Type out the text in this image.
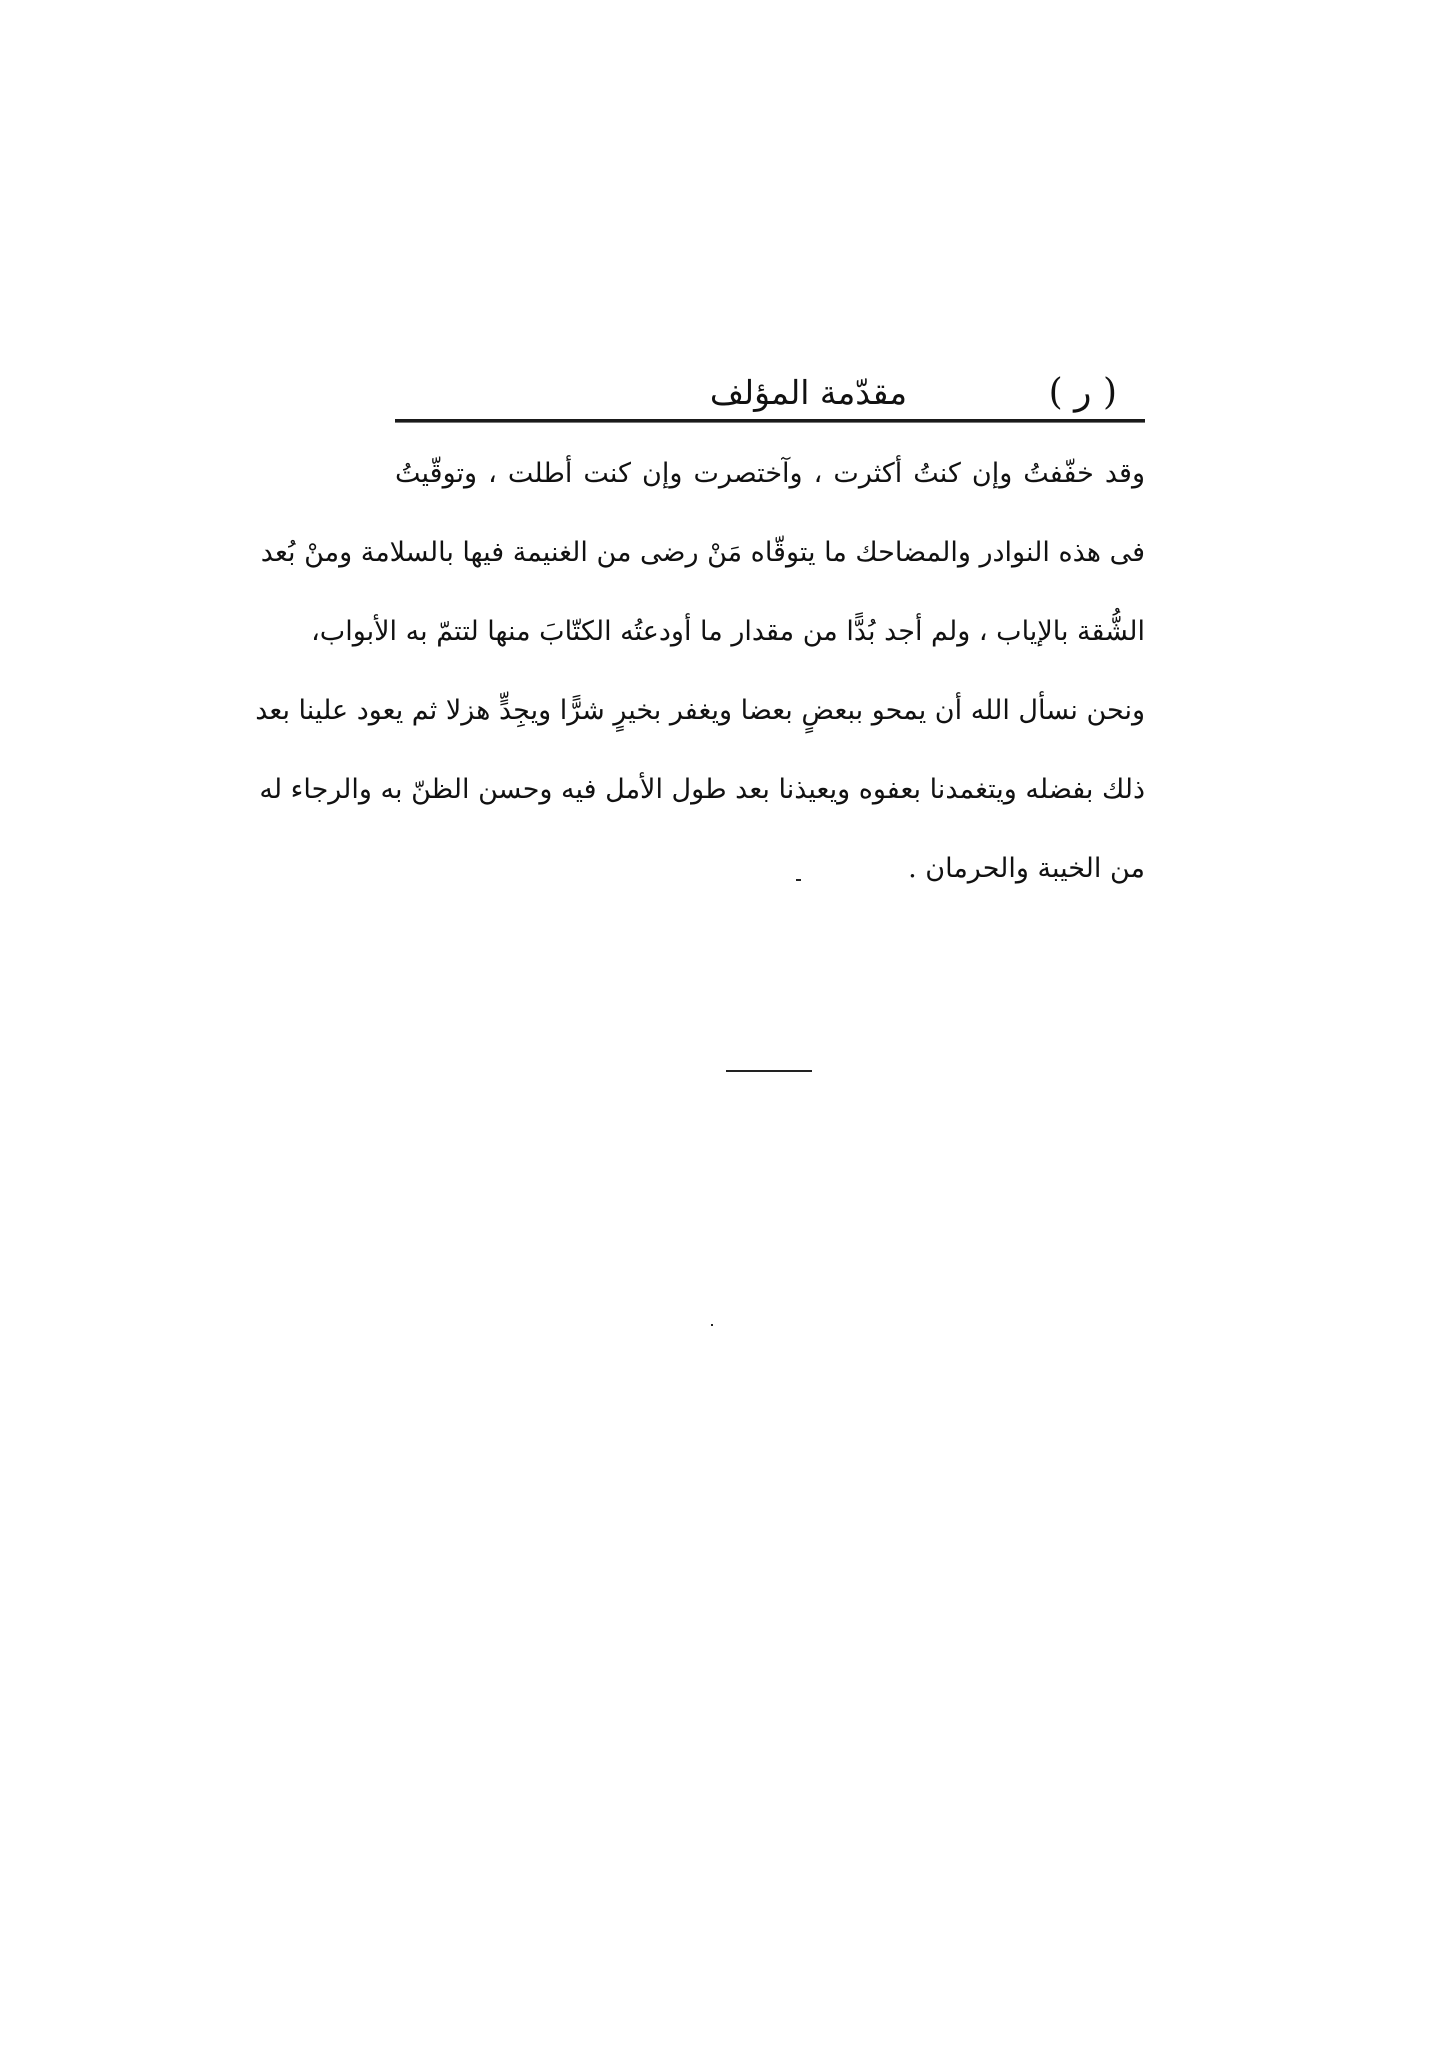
( ر )
مقدّمة المؤلف
وقد خفّفتُ وإن كنتُ أكثرت ، وآختصرت وإن كنت أطلت ، وتوقّيتُ
فى هذه النوادر والمضاحك ما يتوقّاه مَنْ رضى من الغنيمة فيها بالسلامة ومنْ بُعد
الشُّقة بالإياب ، ولم أجد بُدًّا من مقدار ما أودعتُه الكتّابَ منها لتتمّ به الأبواب،
ونحن نسأل الله أن يمحو ببعضٍ بعضا ويغفر بخيرٍ شرًّا ويجِدٍّ هزلا ثم يعود علينا بعد
ذلك بفضله ويتغمدنا بعفوه ويعيذنا بعد طول الأمل فيه وحسن الظنّ به والرجاء له
من الخيبة والحرمان .
